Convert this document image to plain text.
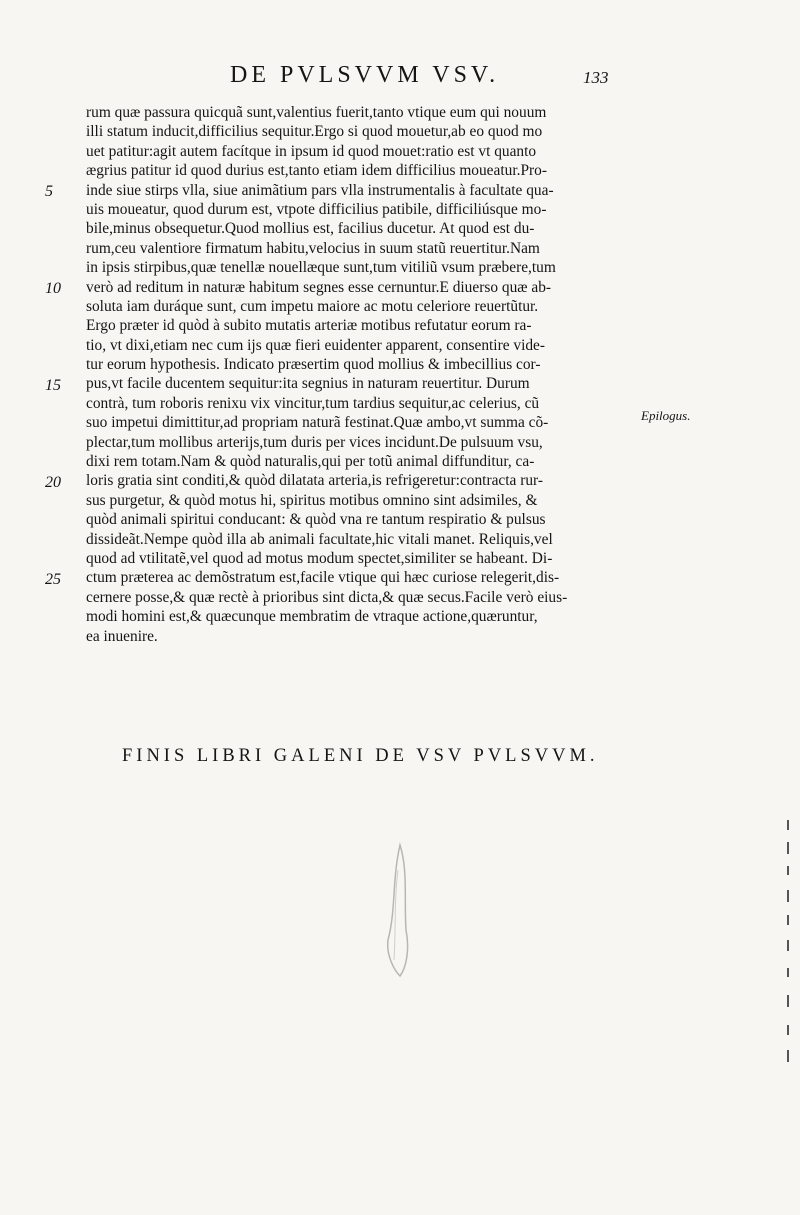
DE PVLSVVM VSV.	133
rum quæ passura quicquã sunt,valentius fuerit,tanto vtique eum qui nouum
illi statum inducit,difficilius sequitur.Ergo si quod mouetur,ab eo quod mo
uet patitur:agit autem facítque in ipsum id quod mouet:ratio est vt quanto
ægrius patitur id quod durius est,tanto etiam idem difficilius moueatur.Pro-
inde siue stirps vlla, siue animãtium pars vlla instrumentalis à facultate qua-
uis moueatur, quod durum est, vtpote difficilius patibile, difficiliúsque mo-
bile,minus obsequetur.Quod mollius est, facilius ducetur. At quod est du-
rum,ceu valentiore firmatum habitu,velocius in suum statũ reuertitur.Nam
in ipsis stirpibus,quæ tenellæ nouellæque sunt,tum vitiliũ vsum præbere,tum
verò ad reditum in naturæ habitum segnes esse cernuntur.E diuerso quæ ab-
soluta iam duráque sunt, cum impetu maiore ac motu celeriore reuertũtur.
Ergo præter id quòd à subito mutatis arteriæ motibus refutatur eorum ra-
tio, vt dixi,etiam nec cum ijs quæ fieri euidenter apparent, consentire vide-
tur eorum hypothesis. Indicato præsertim quod mollius & imbecillius cor-
pus,vt facile ducentem sequitur:ita segnius in naturam reuertitur. Durum
contrà, tum roboris renixu vix vincitur,tum tardius sequitur,ac celerius, cũ
suo impetui dimittitur,ad propriam naturã festinat.Quæ ambo,vt summa cõ-
plectar,tum mollibus arterijs,tum duris per vices incidunt.De pulsuum vsu,
dixi rem totam.Nam & quòd naturalis,qui per totũ animal diffunditur, ca-
loris gratia sint conditi,& quòd dilatata arteria,is refrigeretur:contracta rur-
sus purgetur, & quòd motus hi, spiritus motibus omnino sint adsimiles, &
quòd animali spiritui conducant: & quòd vna re tantum respiratio & pulsus
dissideãt.Nempe quòd illa ab animali facultate,hic vitali manet. Reliquis,vel
quod ad vtilitatẽ,vel quod ad motus modum spectet,similiter se habeant. Di-
ctum præterea ac demõstratum est,facile vtique qui hæc curiose relegerit,dis-
cernere posse,& quæ rectè à prioribus sint dicta,& quæ secus.Facile verò eius-
modi homini est,& quæcunque membratim de vtraque actione,quæruntur,
ea inuenire.
5
10
15
20
25
Epilogus.
FINIS LIBRI GALENI DE VSV PVLSVVM.
